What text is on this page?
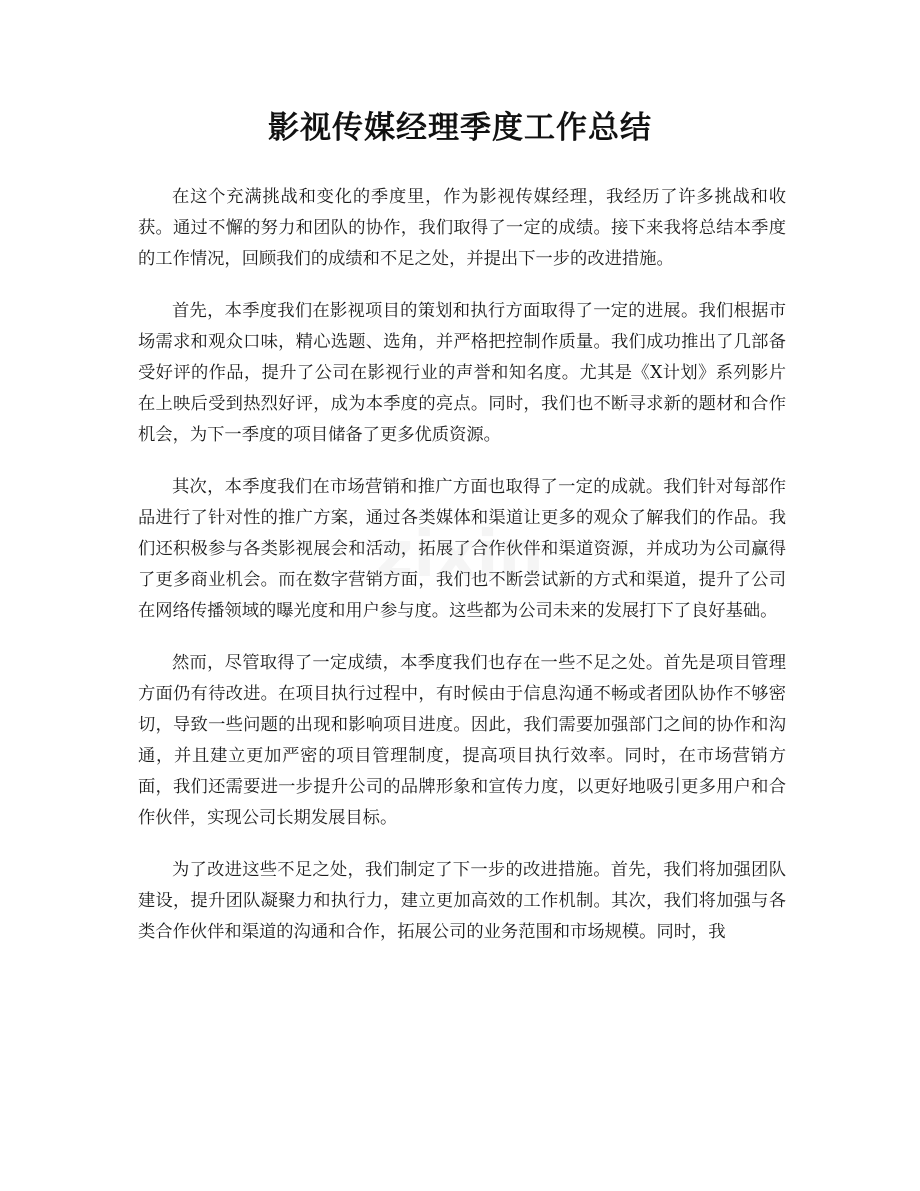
zixin
影视传媒经理季度工作总结

在这个充满挑战和变化的季度里，作为影视传媒经理，我经历了许多挑战和收获。通过不懈的努力和团队的协作，我们取得了一定的成绩。接下来我将总结本季度的工作情况，回顾我们的成绩和不足之处，并提出下一步的改进措施。

首先，本季度我们在影视项目的策划和执行方面取得了一定的进展。我们根据市场需求和观众口味，精心选题、选角，并严格把控制作质量。我们成功推出了几部备受好评的作品，提升了公司在影视行业的声誉和知名度。尤其是《X计划》系列影片在上映后受到热烈好评，成为本季度的亮点。同时，我们也不断寻求新的题材和合作机会，为下一季度的项目储备了更多优质资源。

其次，本季度我们在市场营销和推广方面也取得了一定的成就。我们针对每部作品进行了针对性的推广方案，通过各类媒体和渠道让更多的观众了解我们的作品。我们还积极参与各类影视展会和活动，拓展了合作伙伴和渠道资源，并成功为公司赢得了更多商业机会。而在数字营销方面，我们也不断尝试新的方式和渠道，提升了公司在网络传播领域的曝光度和用户参与度。这些都为公司未来的发展打下了良好基础。

然而，尽管取得了一定成绩，本季度我们也存在一些不足之处。首先是项目管理方面仍有待改进。在项目执行过程中，有时候由于信息沟通不畅或者团队协作不够密切，导致一些问题的出现和影响项目进度。因此，我们需要加强部门之间的协作和沟通，并且建立更加严密的项目管理制度，提高项目执行效率。同时，在市场营销方面，我们还需要进一步提升公司的品牌形象和宣传力度，以更好地吸引更多用户和合作伙伴，实现公司长期发展目标。

为了改进这些不足之处，我们制定了下一步的改进措施。首先，我们将加强团队建设，提升团队凝聚力和执行力，建立更加高效的工作机制。其次，我们将加强与各类合作伙伴和渠道的沟通和合作，拓展公司的业务范围和市场规模。同时，我
